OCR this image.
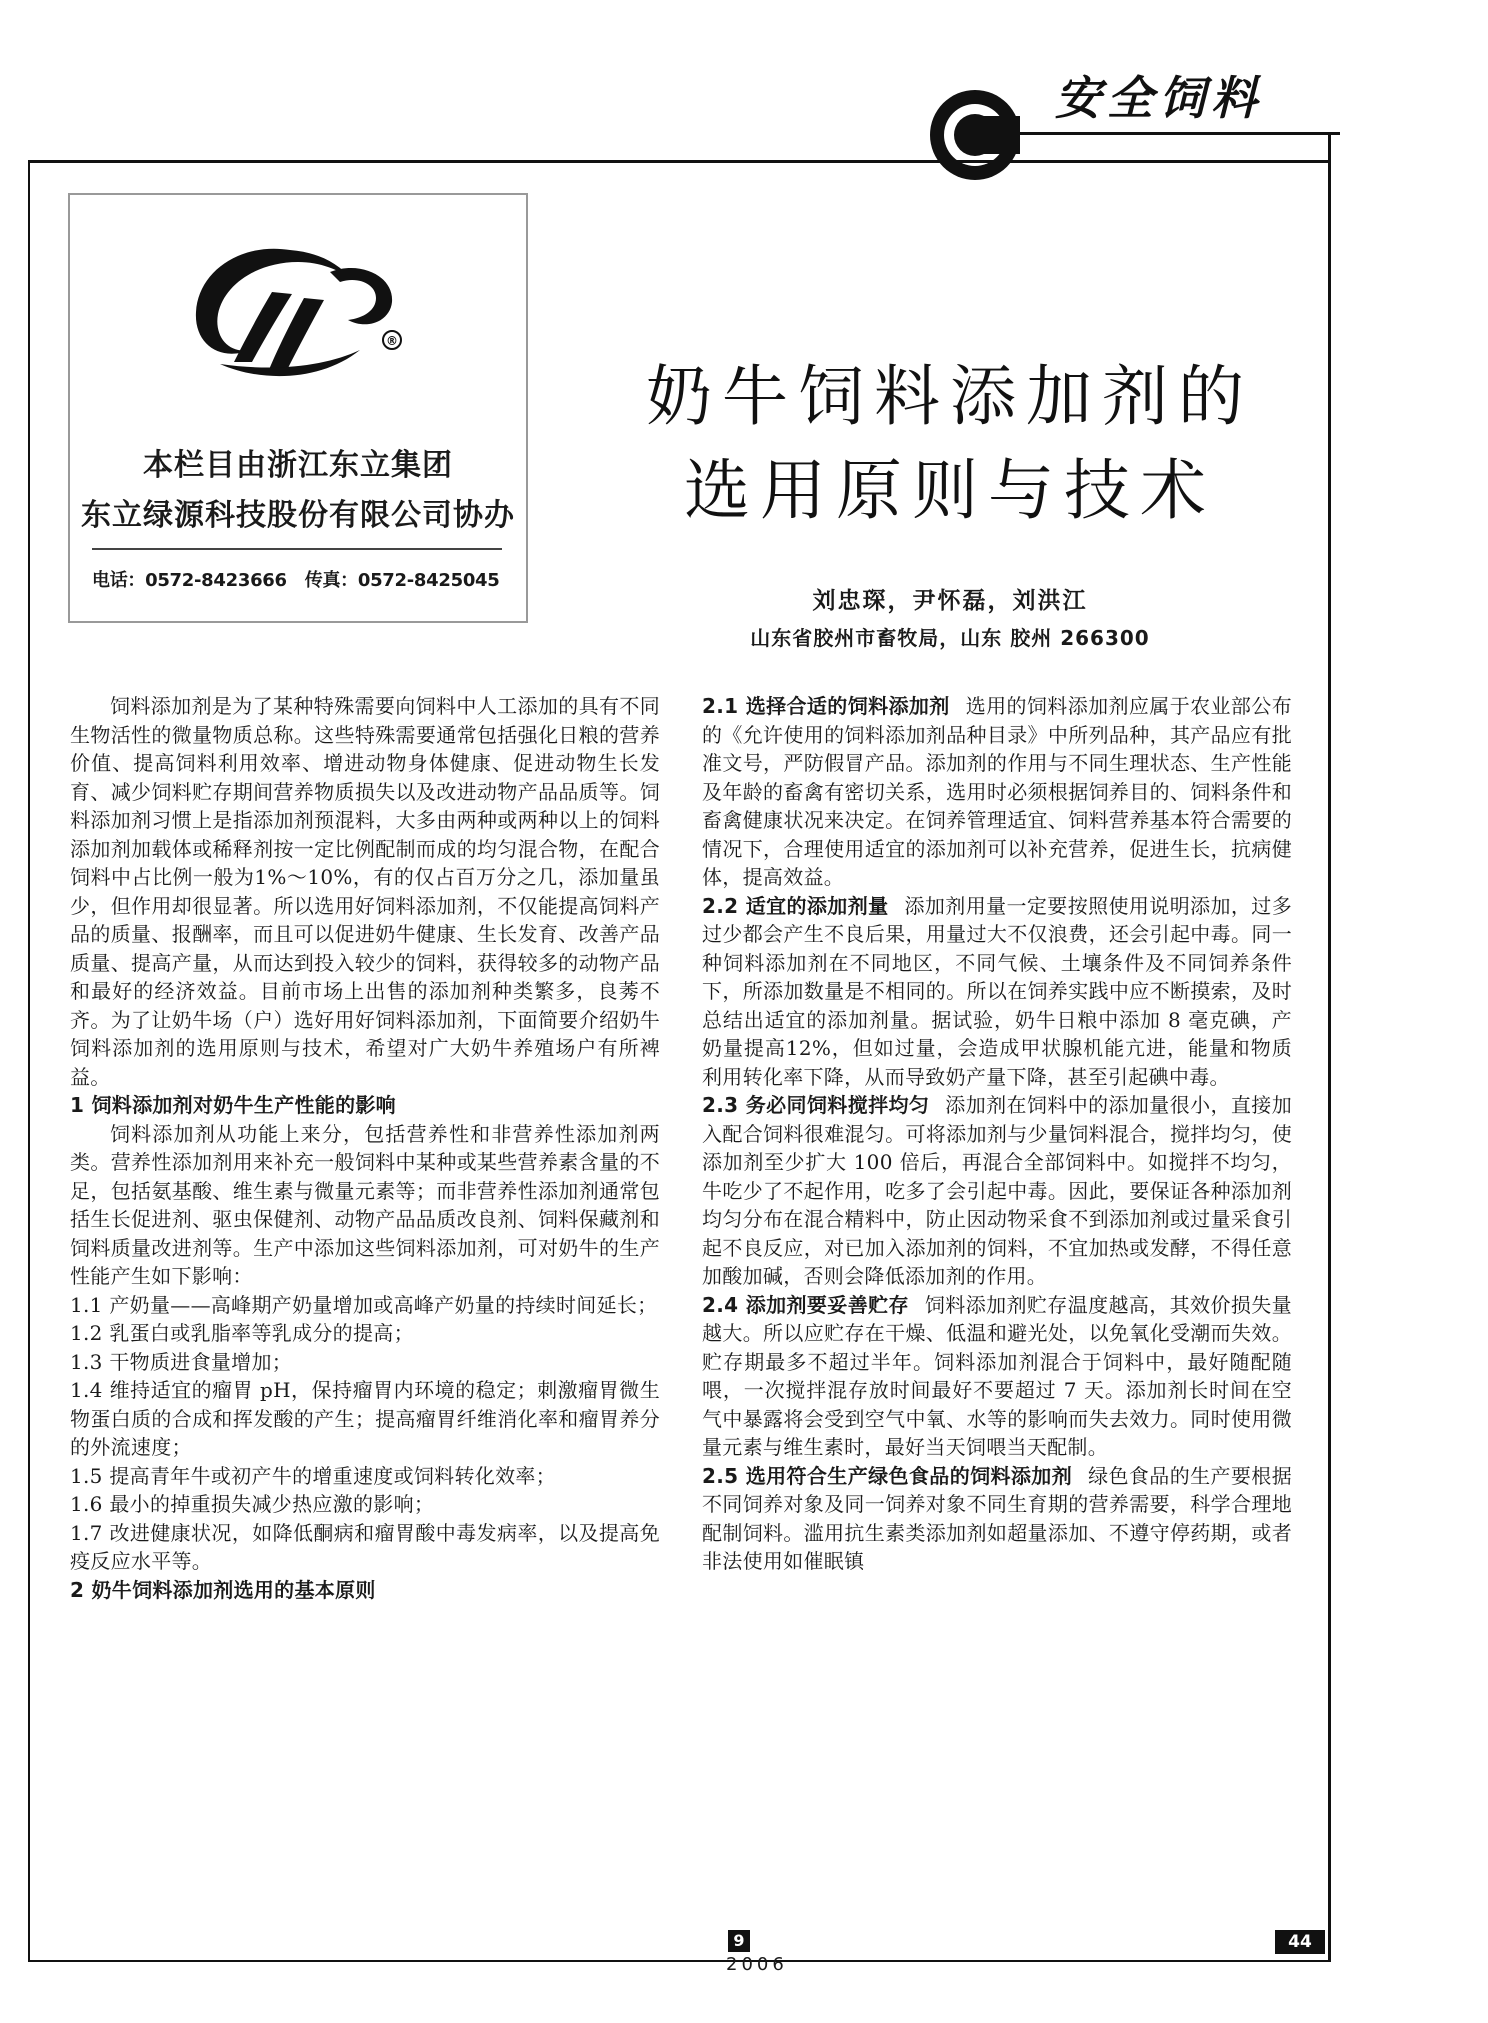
安全饲料
®
本栏目由浙江东立集团
东立绿源科技股份有限公司协办
电话：0572-8423666 传真：0572-8425045
奶牛饲料添加剂的
选用原则与技术
刘忠琛，尹怀磊，刘洪江
山东省胶州市畜牧局，山东 胶州 266300

饲料添加剂是为了某种特殊需要向饲料中人工添加的具有不同生物活性的微量物质总称。这些特殊需要通常包括强化日粮的营养价值、提高饲料利用效率、增进动物身体健康、促进动物生长发育、减少饲料贮存期间营养物质损失以及改进动物产品品质等。饲料添加剂习惯上是指添加剂预混料，大多由两种或两种以上的饲料添加剂加载体或稀释剂按一定比例配制而成的均匀混合物，在配合饲料中占比例一般为1%～10%，有的仅占百万分之几，添加量虽少，但作用却很显著。所以选用好饲料添加剂，不仅能提高饲料产品的质量、报酬率，而且可以促进奶牛健康、生长发育、改善产品质量、提高产量，从而达到投入较少的饲料，获得较多的动物产品和最好的经济效益。目前市场上出售的添加剂种类繁多，良莠不齐。为了让奶牛场（户）选好用好饲料添加剂，下面简要介绍奶牛饲料添加剂的选用原则与技术，希望对广大奶牛养殖场户有所裨益。

1 饲料添加剂对奶牛生产性能的影响

饲料添加剂从功能上来分，包括营养性和非营养性添加剂两类。营养性添加剂用来补充一般饲料中某种或某些营养素含量的不足，包括氨基酸、维生素与微量元素等；而非营养性添加剂通常包括生长促进剂、驱虫保健剂、动物产品品质改良剂、饲料保藏剂和饲料质量改进剂等。生产中添加这些饲料添加剂，可对奶牛的生产性能产生如下影响：

1.1 产奶量——高峰期产奶量增加或高峰产奶量的持续时间延长；

1.2 乳蛋白或乳脂率等乳成分的提高；

1.3 干物质进食量增加；

1.4 维持适宜的瘤胃 pH，保持瘤胃内环境的稳定；刺激瘤胃微生物蛋白质的合成和挥发酸的产生；提高瘤胃纤维消化率和瘤胃养分的外流速度；

1.5 提高青年牛或初产牛的增重速度或饲料转化效率；

1.6 最小的掉重损失减少热应激的影响；

1.7 改进健康状况，如降低酮病和瘤胃酸中毒发病率，以及提高免疫反应水平等。

2 奶牛饲料添加剂选用的基本原则

2.1 选择合适的饲料添加剂 选用的饲料添加剂应属于农业部公布的《允许使用的饲料添加剂品种目录》中所列品种，其产品应有批准文号，严防假冒产品。添加剂的作用与不同生理状态、生产性能及年龄的畜禽有密切关系，选用时必须根据饲养目的、饲料条件和畜禽健康状况来决定。在饲养管理适宜、饲料营养基本符合需要的情况下，合理使用适宜的添加剂可以补充营养，促进生长，抗病健体，提高效益。

2.2 适宜的添加剂量 添加剂用量一定要按照使用说明添加，过多过少都会产生不良后果，用量过大不仅浪费，还会引起中毒。同一种饲料添加剂在不同地区，不同气候、土壤条件及不同饲养条件下，所添加数量是不相同的。所以在饲养实践中应不断摸索，及时总结出适宜的添加剂量。据试验，奶牛日粮中添加 8 毫克碘，产奶量提高12%，但如过量，会造成甲状腺机能亢进，能量和物质利用转化率下降，从而导致奶产量下降，甚至引起碘中毒。

2.3 务必同饲料搅拌均匀 添加剂在饲料中的添加量很小，直接加入配合饲料很难混匀。可将添加剂与少量饲料混合，搅拌均匀，使添加剂至少扩大 100 倍后，再混合全部饲料中。如搅拌不均匀，牛吃少了不起作用，吃多了会引起中毒。因此，要保证各种添加剂均匀分布在混合精料中，防止因动物采食不到添加剂或过量采食引起不良反应，对已加入添加剂的饲料，不宜加热或发酵，不得任意加酸加碱，否则会降低添加剂的作用。

2.4 添加剂要妥善贮存 饲料添加剂贮存温度越高，其效价损失量越大。所以应贮存在干燥、低温和避光处，以免氧化受潮而失效。贮存期最多不超过半年。饲料添加剂混合于饲料中，最好随配随喂，一次搅拌混存放时间最好不要超过 7 天。添加剂长时间在空气中暴露将会受到空气中氧、水等的影响而失去效力。同时使用微量元素与维生素时，最好当天饲喂当天配制。

2.5 选用符合生产绿色食品的饲料添加剂 绿色食品的生产要根据不同饲养对象及同一饲养对象不同生育期的营养需要，科学合理地配制饲料。滥用抗生素类添加剂如超量添加、不遵守停药期，或者非法使用如催眠镇

9
2006
44
